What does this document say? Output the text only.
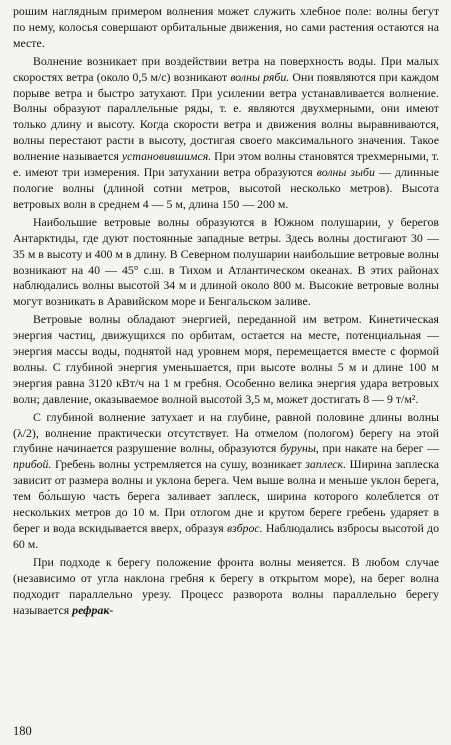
рошим наглядным примером волнения может служить хлебное поле: волны бегут по нему, колосья совершают орбитальные движения, но сами растения остаются на месте.

Волнение возникает при воздействии ветра на поверхность воды. При малых скоростях ветра (около 0,5 м/с) возникают волны ряби. Они появляются при каждом порыве ветра и быстро затухают. При усилении ветра устанавливается волнение. Волны образуют параллельные ряды, т. е. являются двухмерными, они имеют только длину и высоту. Когда скорости ветра и движения волны выравниваются, волны перестают расти в высоту, достигая своего максимального значения. Такое волнение называется установившимся. При этом волны становятся трехмерными, т. е. имеют три измерения. При затухании ветра образуются волны зыби — длинные пологие волны (длиной сотни метров, высотой несколько метров). Высота ветровых волн в среднем 4 — 5 м, длина 150 — 200 м.

Наибольшие ветровые волны образуются в Южном полушарии, у берегов Антарктиды, где дуют постоянные западные ветры. Здесь волны достигают 30 — 35 м в высоту и 400 м в длину. В Северном полушарии наибольшие ветровые волны возникают на 40 — 45° с.ш. в Тихом и Атлантическом океанах. В этих районах наблюдались волны высотой 34 м и длиной около 800 м. Высокие ветровые волны могут возникать в Аравийском море и Бенгальском заливе.

Ветровые волны обладают энергией, переданной им ветром. Кинетическая энергия частиц, движущихся по орбитам, остается на месте, потенциальная — энергия массы воды, поднятой над уровнем моря, перемещается вместе с формой волны. С глубиной энергия уменьшается, при высоте волны 5 м и длине 100 м энергия равна 3120 кВт/ч на 1 м гребня. Особенно велика энергия удара ветровых волн; давление, оказываемое волной высотой 3,5 м, может достигать 8 — 9 т/м².

С глубиной волнение затухает и на глубине, равной половине длины волны (λ/2), волнение практически отсутствует. На отмелом (пологом) берегу на этой глубине начинается разрушение волны, образуются буруны, при накате на берег — прибой. Гребень волны устремляется на сушу, возникает заплеск. Ширина заплеска зависит от размера волны и уклона берега. Чем выше волна и меньше уклон берега, тем бо́льшую часть берега заливает заплеск, ширина которого колеблется от нескольких метров до 10 м. При отлогом дне и крутом береге гребень ударяет в берег и вода вскидывается вверх, образуя взброс. Наблюдались взбросы высотой до 60 м.

При подходе к берегу положение фронта волны меняется. В любом случае (независимо от угла наклона гребня к берегу в открытом море), на берег волна подходит параллельно урезу. Процесс разворота волны параллельно берегу называется рефрак-

180
